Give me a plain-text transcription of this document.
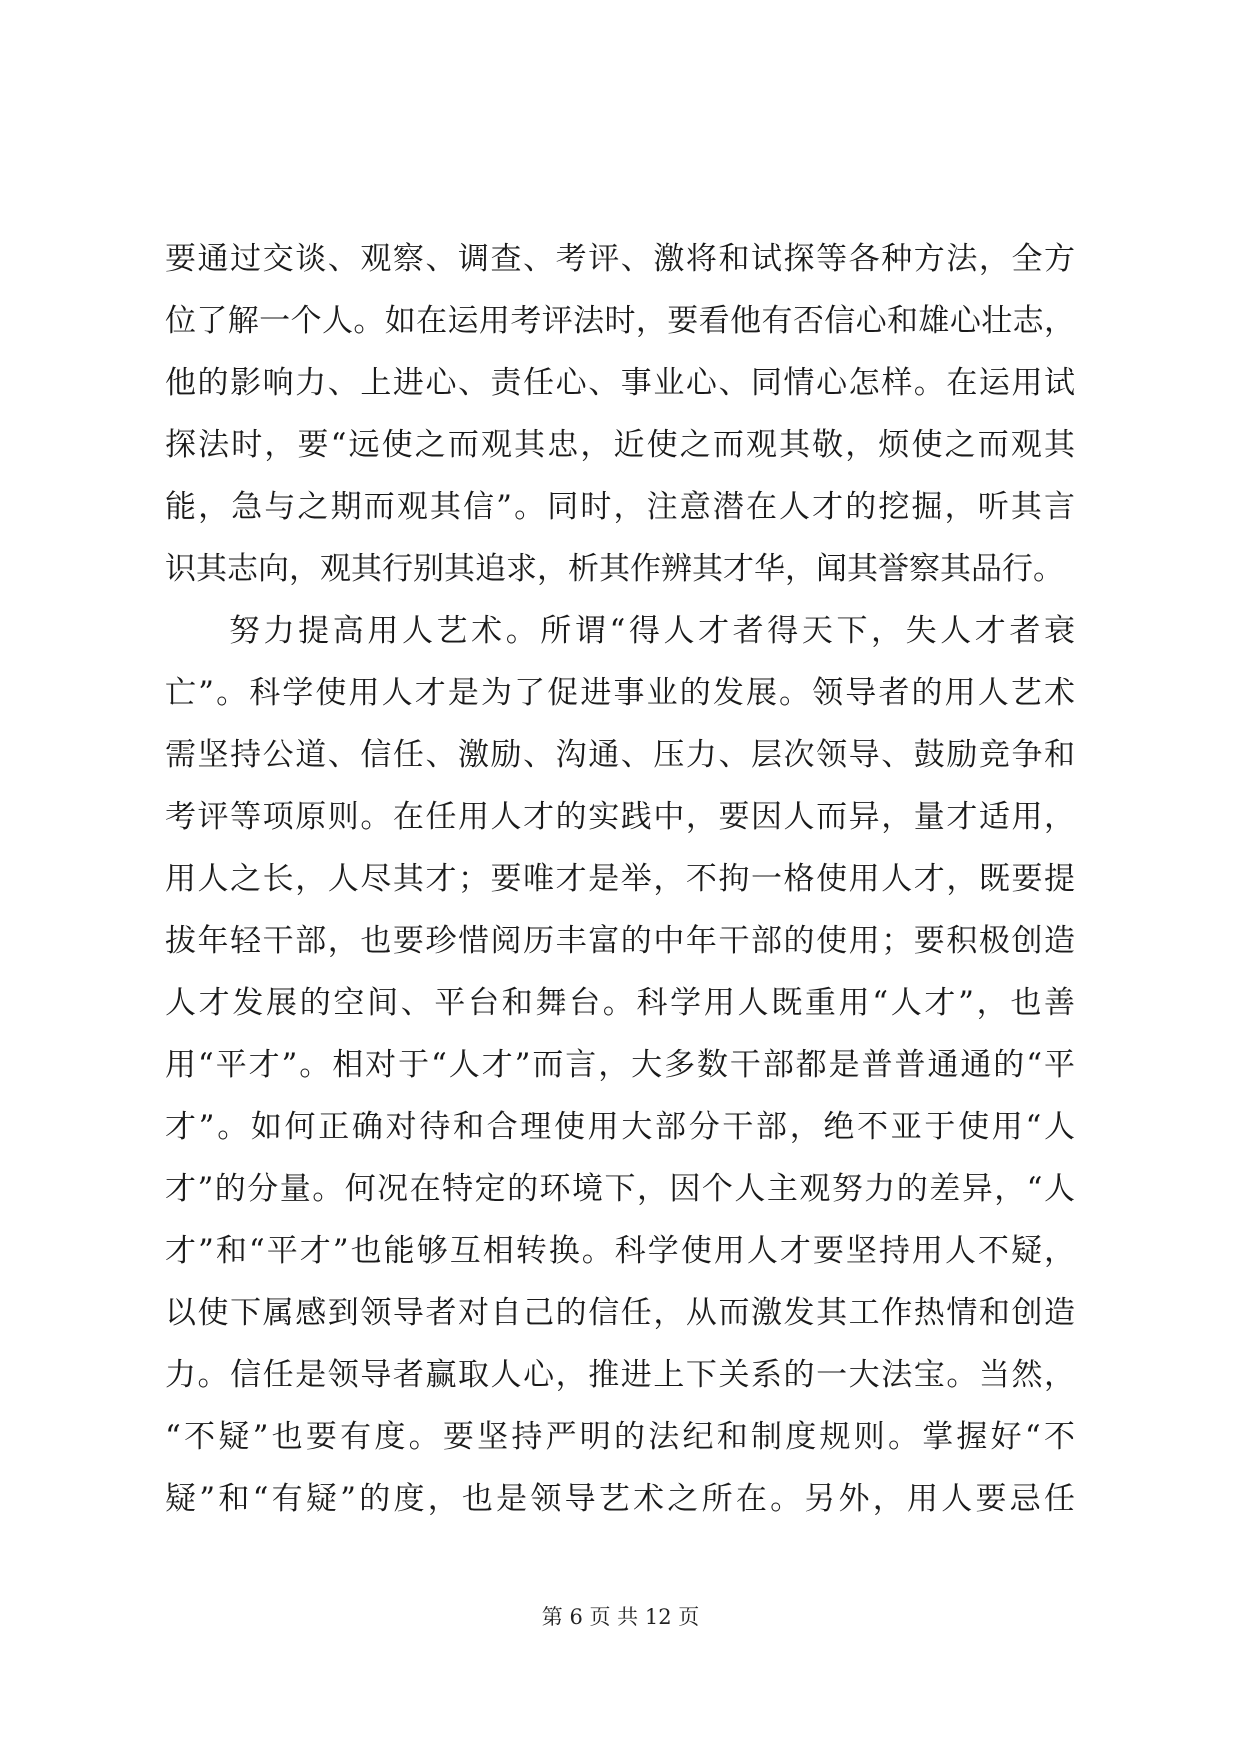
要通过交谈、观察、调查、考评、激将和试探等各种方法，全方
位了解一个人。如在运用考评法时，要看他有否信心和雄心壮志，
他的影响力、上进心、责任心、事业心、同情心怎样。在运用试
探法时，要“远使之而观其忠，近使之而观其敬，烦使之而观其
能，急与之期而观其信”。同时，注意潜在人才的挖掘，听其言
识其志向，观其行别其追求，析其作辨其才华，闻其誉察其品行。
努力提高用人艺术。所谓“得人才者得天下，失人才者衰
亡”。科学使用人才是为了促进事业的发展。领导者的用人艺术
需坚持公道、信任、激励、沟通、压力、层次领导、鼓励竞争和
考评等项原则。在任用人才的实践中，要因人而异，量才适用，
用人之长，人尽其才；要唯才是举，不拘一格使用人才，既要提
拔年轻干部，也要珍惜阅历丰富的中年干部的使用；要积极创造
人才发展的空间、平台和舞台。科学用人既重用“人才”，也善
用“平才”。相对于“人才”而言，大多数干部都是普普通通的“平
才”。如何正确对待和合理使用大部分干部，绝不亚于使用“人
才”的分量。何况在特定的环境下，因个人主观努力的差异，“人
才”和“平才”也能够互相转换。科学使用人才要坚持用人不疑，
以使下属感到领导者对自己的信任，从而激发其工作热情和创造
力。信任是领导者赢取人心，推进上下关系的一大法宝。当然，
“不疑”也要有度。要坚持严明的法纪和制度规则。掌握好“不
疑”和“有疑”的度，也是领导艺术之所在。另外，用人要忌任
第 6 页 共 12 页
